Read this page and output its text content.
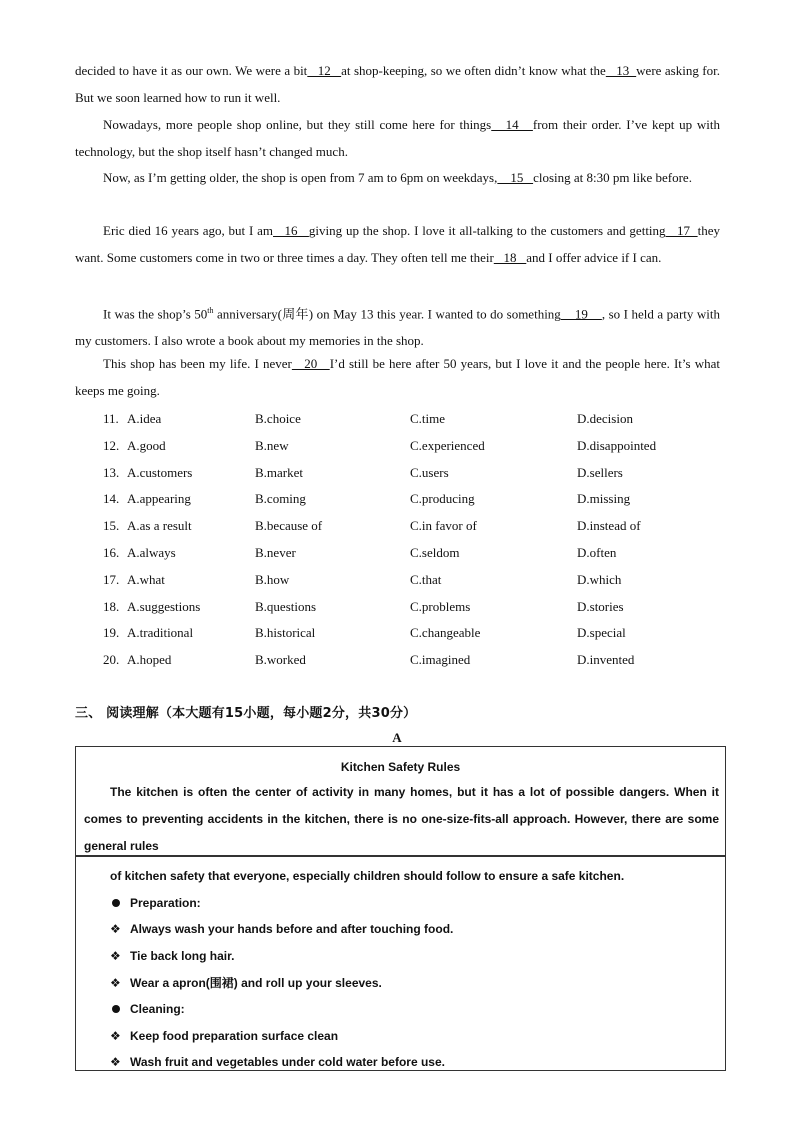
decided to have it as our own. We were a bit   12   at shop-keeping, so we often didn’t know what the   13  were asking for. But we soon learned how to run it well.

Nowadays, more people shop online, but they still come here for things   14   from their order. I’ve kept up with technology, but the shop itself hasn’t changed much.

Now, as I’m getting older, the shop is open from 7 am to 6pm on weekdays,    15   closing at 8:30 pm like before.

Eric died 16 years ago, but I am   16   giving up the shop. I love it all-talking to the customers and getting   17  they want. Some customers come in two or three times a day. They often tell me their   18   and I offer advice if I can.

It was the shop’s 50th anniversary(周年) on May 13 this year. I wanted to do something    19    , so I held a party with my customers. I also wrote a book about my memories in the shop.

This shop has been my life. I never   20   I’d still be here after 50 years, but I love it and the people here. It’s what keeps me going.

11. A.idea	B.choice	C.time	D.decision
12. A.good	B.new	C.experienced	D.disappointed
13. A.customers	B.market	C.users	D.sellers
14. A.appearing	B.coming	C.producing	D.missing
15. A.as a result	B.because of	C.in favor of	D.instead of
16. A.always	B.never	C.seldom	D.often
17. A.what	B.how	C.that	D.which
18. A.suggestions	B.questions	C.problems	D.stories
19. A.traditional	B.historical	C.changeable	D.special
20. A.hoped	B.worked	C.imagined	D.invented
三、 阅读理解（本大题有15小题，每小题2分，共30分）
A
Kitchen Safety Rules
The kitchen is often the center of activity in many homes, but it has a lot of possible dangers. When it comes to preventing accidents in the kitchen, there is no one-size-fits-all approach. However, there are some general rules
of kitchen safety that everyone, especially children should follow to ensure a safe kitchen.
Preparation:
❖ Always wash your hands before and after touching food.
❖ Tie back long hair.
❖ Wear a apron(围裙) and roll up your sleeves.
Cleaning:
❖ Keep food preparation surface clean
❖ Wash fruit and vegetables under cold water before use.
